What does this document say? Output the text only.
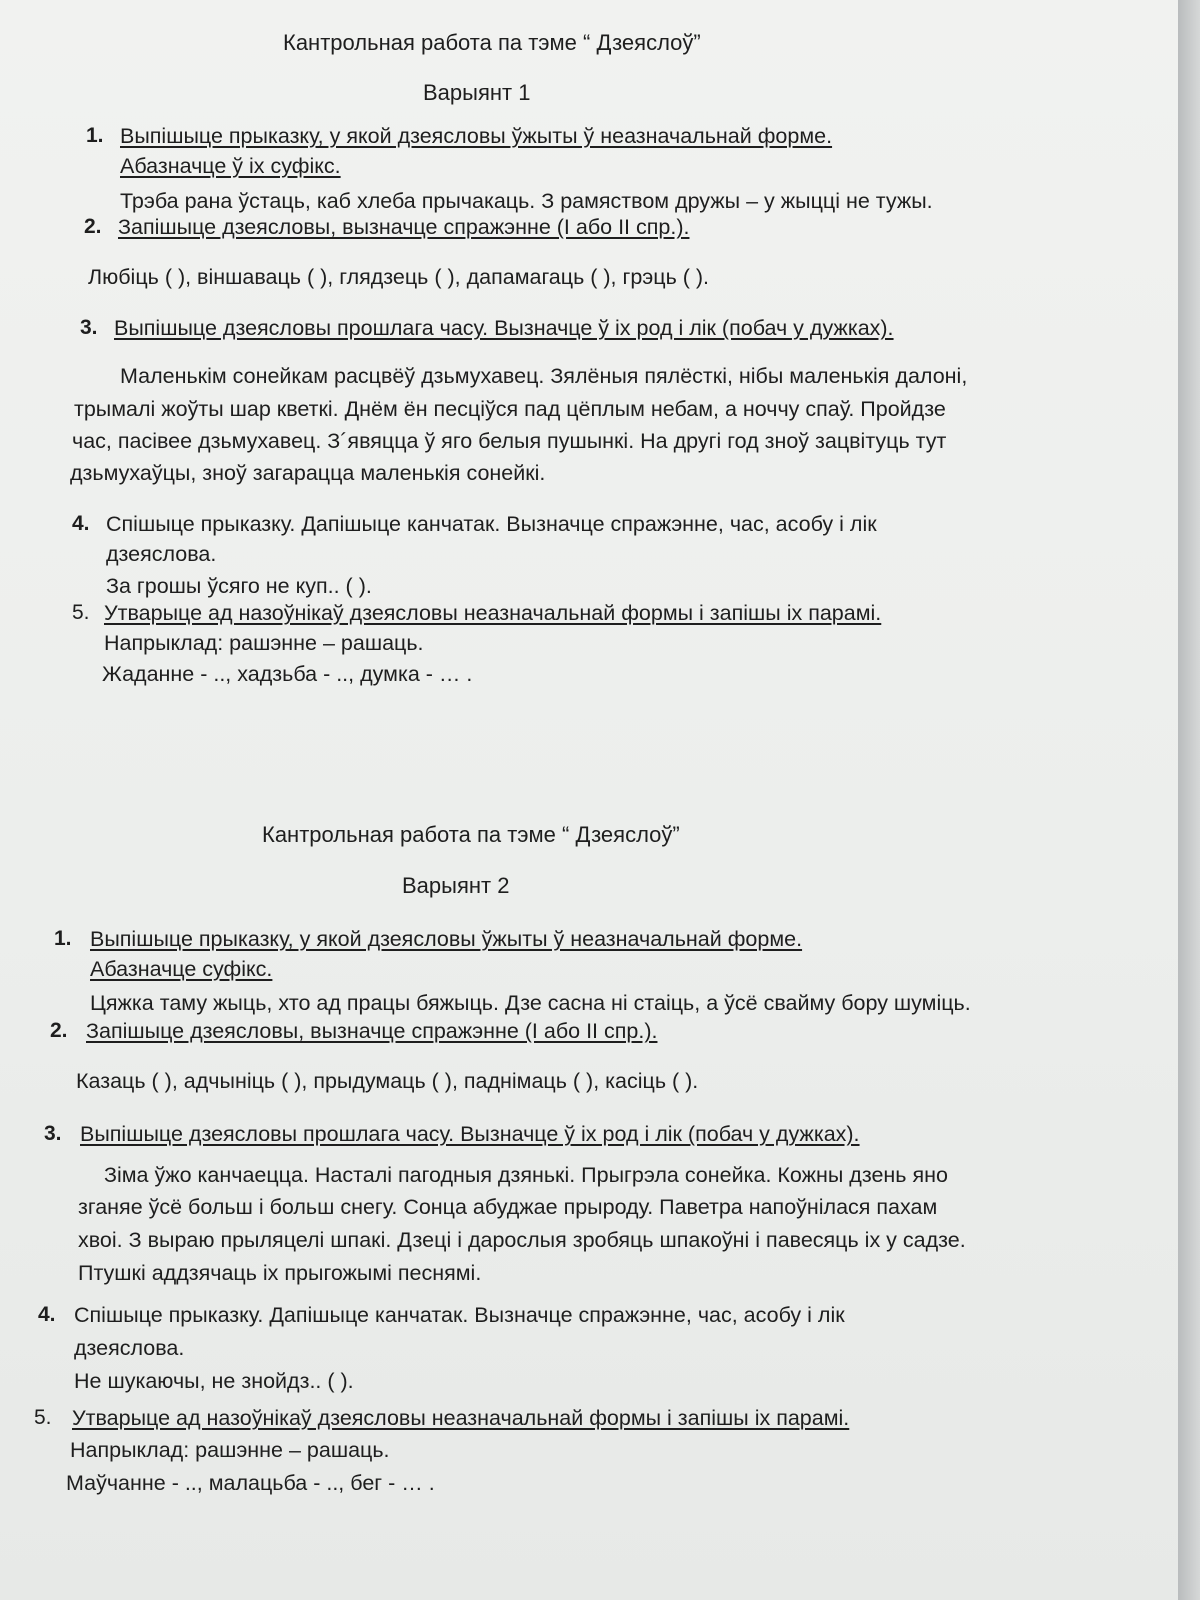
Кантрольная работа па тэме “ Дзеяслоў”
Варыянт 1
1. Выпішыце прыказку, у якой дзеясловы ўжыты ў неазначальнай форме.
Абазначце ў іх суфікс.
Трэба рана ўстаць, каб хлеба прычакаць. З рамяством дружы – у жыцці не тужы.
2. Запішыце дзеясловы, вызначце спражэнне (І або ІІ спр.).
Любіць ( ), віншаваць ( ), глядзець ( ), дапамагаць ( ), грэць ( ).
3. Выпішыце дзеясловы прошлага часу. Вызначце ў іх род і лік (побач у дужках).
Маленькім сонейкам расцвёў дзьмухавец. Зялёныя пялёсткі, нібы маленькія далоні,
трымалі жоўты шар кветкі. Днём ён песціўся пад цёплым небам, а ноччу спаў. Пройдзе
час, пасівее дзьмухавец. З´явяцца ў яго белыя пушынкі. На другі год зноў зацвітуць тут
дзьмухаўцы, зноў загарацца маленькія сонейкі.
4. Спішыце прыказку. Дапішыце канчатак. Вызначце спражэнне, час, асобу і лік
дзеяслова.
За грошы ўсяго не куп.. ( ).
5. Утварыце ад назоўнікаў дзеясловы неазначальнай формы і запішы іх парамі.
Напрыклад: рашэнне – рашаць.
Жаданне - .., хадзьба - .., думка - … .
Кантрольная работа па тэме “ Дзеяслоў”
Варыянт 2
1. Выпішыце прыказку, у якой дзеясловы ўжыты ў неазначальнай форме.
Абазначце суфікс.
Цяжка таму жыць, хто ад працы бяжыць. Дзе сасна ні стаіць, а ўсё свайму бору шуміць.
2. Запішыце дзеясловы, вызначце спражэнне (І або ІІ спр.).
Казаць ( ), адчыніць ( ), прыдумаць ( ), паднімаць ( ), касіць ( ).
3. Выпішыце дзеясловы прошлага часу. Вызначце ў іх род і лік (побач у дужках).
Зіма ўжо канчаецца. Насталі пагодныя дзянькі. Прыгрэла сонейка. Кожны дзень яно
зганяе ўсё больш і больш снегу. Сонца абуджае прыроду. Паветра напоўнілася пахам
хвоі. З выраю прыляцелі шпакі. Дзеці і дарослыя зробяць шпакоўні і павесяць іх у садзе.
Птушкі аддзячаць іх прыгожымі песнямі.
4. Спішыце прыказку. Дапішыце канчатак. Вызначце спражэнне, час, асобу і лік
дзеяслова.
Не шукаючы, не знойдз.. ( ).
5. Утварыце ад назоўнікаў дзеясловы неазначальнай формы і запішы іх парамі.
Напрыклад: рашэнне – рашаць.
Маўчанне - .., малацьба - .., бег - … .
